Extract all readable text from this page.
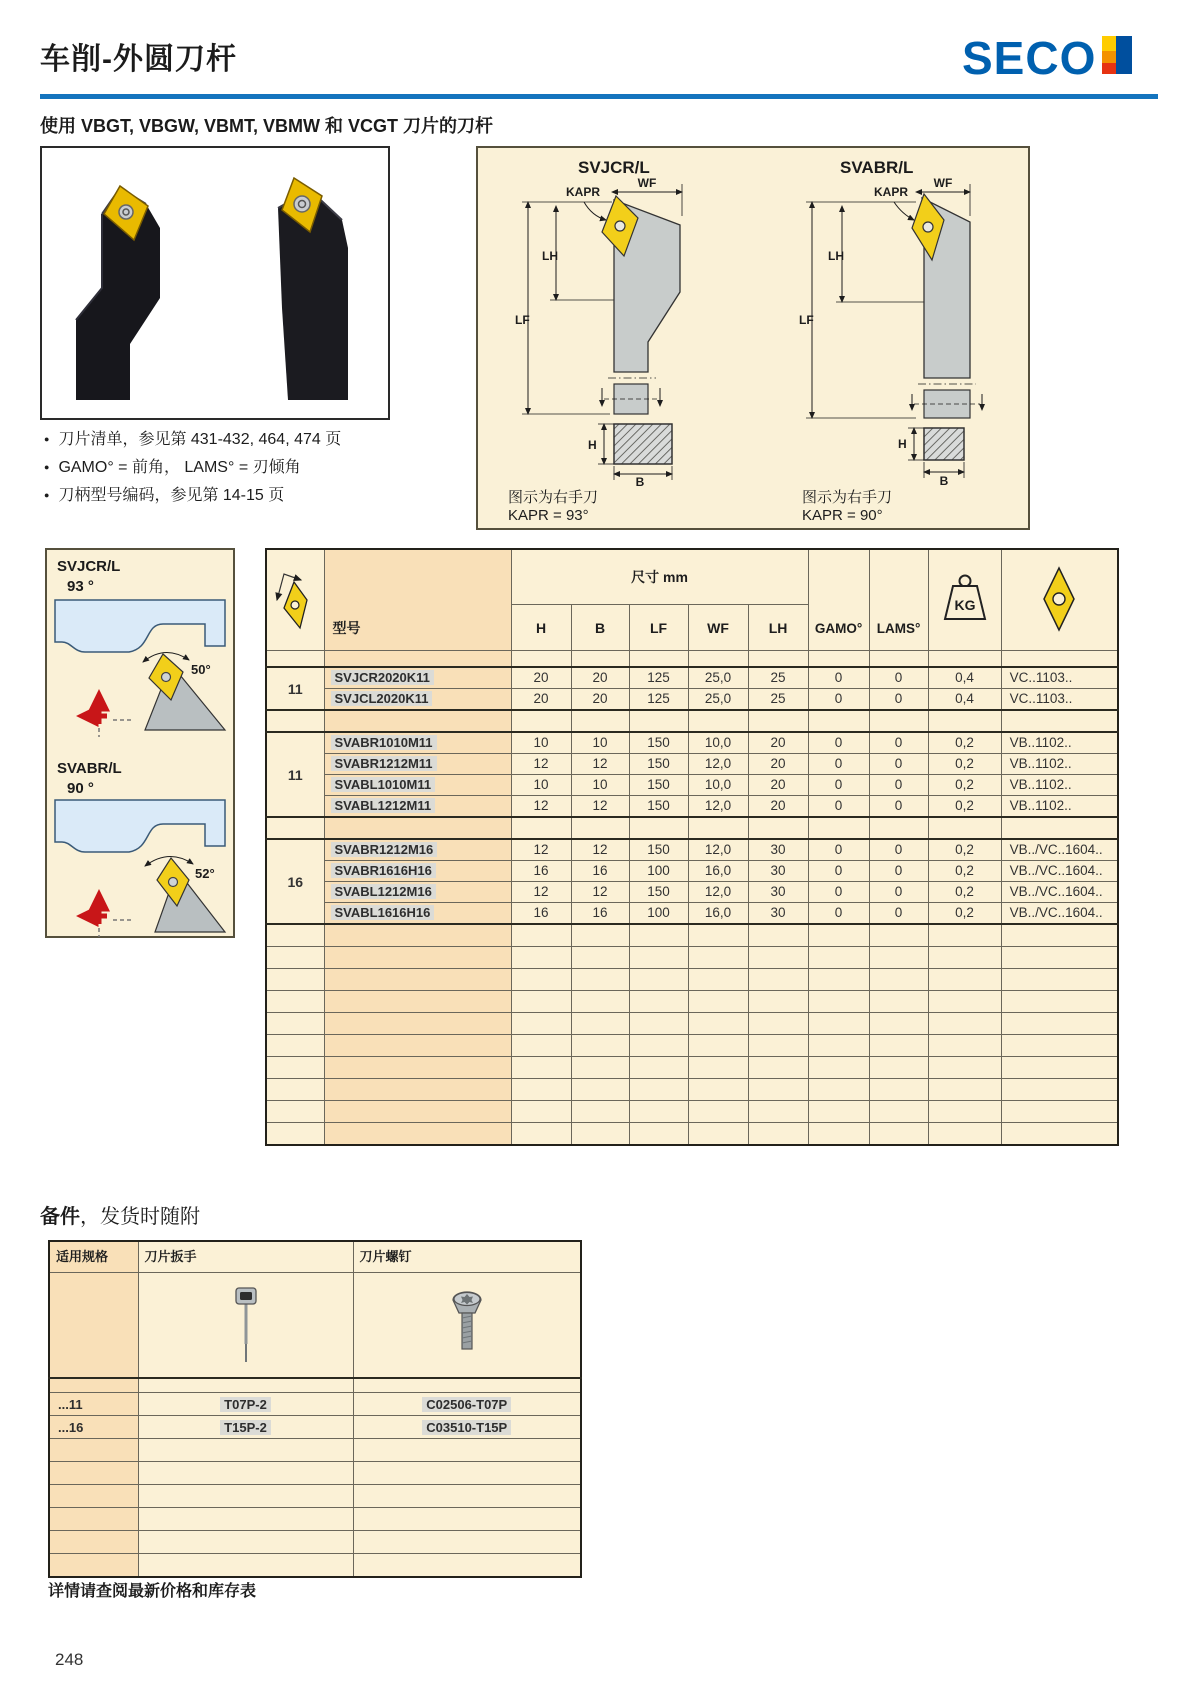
车削-外圆刀杆	SECO
使用 VBGT, VBGW, VBMT, VBMW 和 VCGT 刀片的刀杆
● 刀片清单，参见第 431-432, 464, 474 页
● GAMO° = 前角， LAMS° = 刃倾角
● 刀柄型号编码，参见第 14-15 页
SVJCR/L	SVABR/L
WF
KAPR
LF
LH
H
B
WF
KAPR
LF
LH
H
B
图示为右手刀
KAPR = 93°
图示为右手刀
KAPR = 90°
SVJCR/L
93 °
50°
SVABR/L
90 °
52°
	型号	尺寸 mm					GAMO°	LAMS°	KG

		H	B	LF	WF	LH				

11	SVJCR2020K11	20	20	125	25,0	25	0	0	0,4	VC..1103..
	SVJCL2020K11	20	20	125	25,0	25	0	0	0,4	VC..1103..

11	SVABR1010M11	10	10	150	10,0	20	0	0	0,2	VB..1102..
	SVABR1212M11	12	12	150	12,0	20	0	0	0,2	VB..1102..
	SVABL1010M11	10	10	150	10,0	20	0	0	0,2	VB..1102..
	SVABL1212M11	12	12	150	12,0	20	0	0	0,2	VB..1102..

16	SVABR1212M16	12	12	150	12,0	30	0	0	0,2	VB../VC..1604..
	SVABR1616H16	16	16	100	16,0	30	0	0	0,2	VB../VC..1604..
	SVABL1212M16	12	12	150	12,0	30	0	0	0,2	VB../VC..1604..
	SVABL1616H16	16	16	100	16,0	30	0	0	0,2	VB../VC..1604..

备件，发货时随附
适用规格	刀片扳手	刀片螺钉

...11	T07P-2	C02506-T07P
...16	T15P-2	C03510-T15P

详情请查阅最新价格和库存表
248
